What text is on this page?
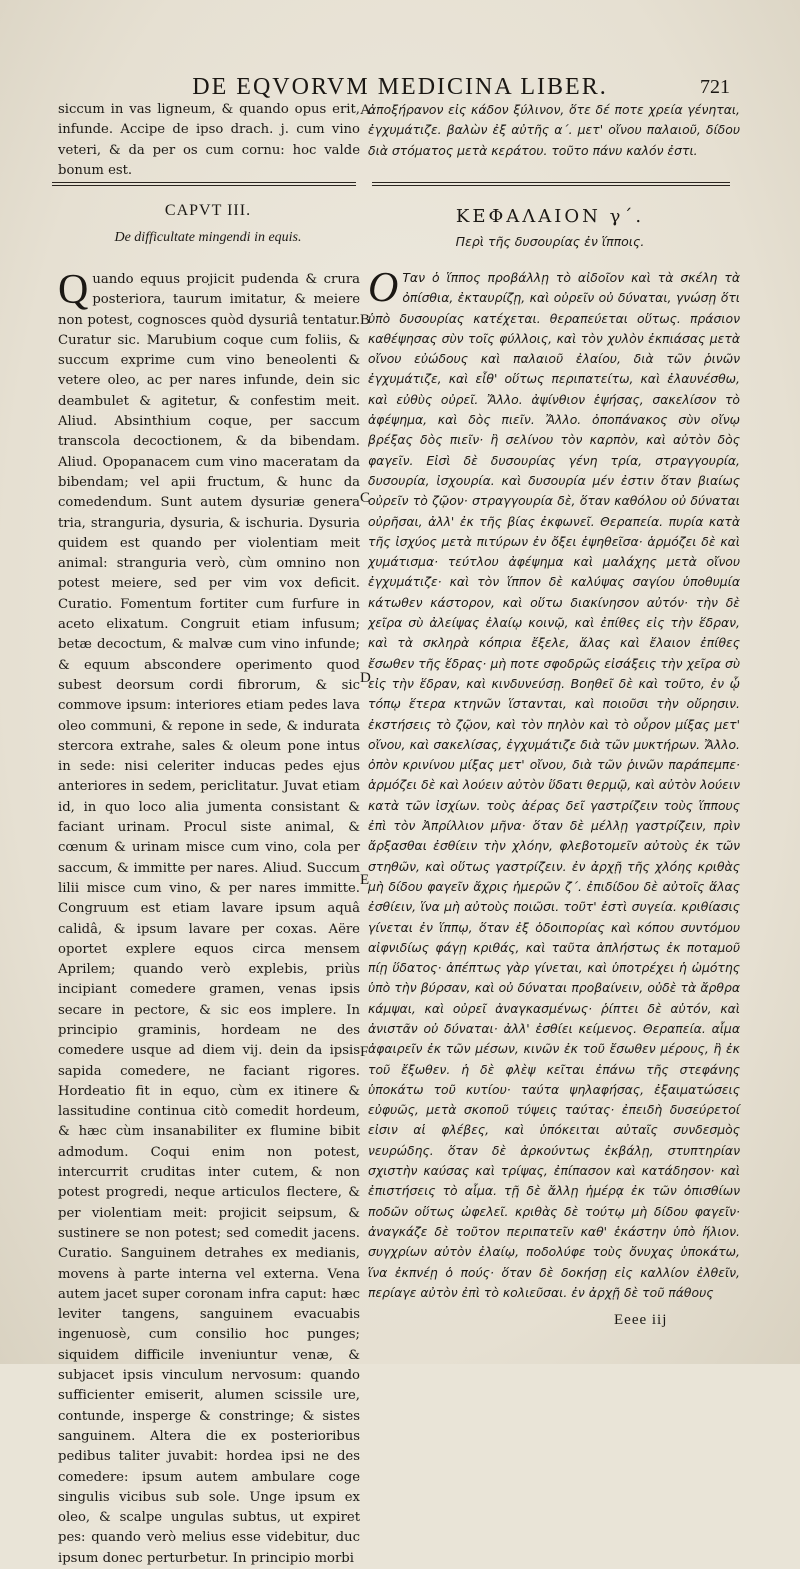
DE EQVORVM MEDICINA LIBER.	721
siccum in vas ligneum, & quando opus erit, infunde. Accipe de ipso drach. j. cum vino veteri, & da per os cum cornu: hoc valde bonum est.
ἀποξήρανον εἰς κάδον ξύλινον, ὅτε δέ ποτε χρεία γένηται, ἐγχυμάτιζε. βαλὼν ἐξ αὐτῆς α΄. μετ' οἴνου παλαιοῦ, δίδου διὰ στόματος μετὰ κεράτου. τοῦτο πάνυ καλόν ἐστι.
CAPVT III.	ΚΕΦΑΛΑΙΟΝ γ΄.
De difficultate mingendi in equis.	Περὶ τῆς δυσουρίας ἐν ἵπποις.
Quando equus projicit pudenda & crura posteriora, taurum imitatur, & meiere non potest, cognosces quòd dysuriâ tentatur. Curatur sic. Marubium coque cum foliis, & succum exprime cum vino beneolenti & vetere oleo, ac per nares infunde, dein sic deambulet & agitetur, & confestim meit. Aliud. Absinthium coque, per saccum transcola decoctionem, & da bibendam. Aliud. Opopanacem cum vino maceratam da bibendam; vel apii fructum, & hunc da comedendum. Sunt autem dysuriæ genera tria, stranguria, dysuria, & ischuria. Dysuria quidem est quando per violentiam meit animal: stranguria verò, cùm omnino non potest meiere, sed per vim vox deficit. Curatio. Fomentum fortiter cum furfure in aceto elixatum. Congruit etiam infusum; betæ decoctum, & malvæ cum vino infunde; & equum abscondere operimento quod subest deorsum cordi fibrorum, & sic commove ipsum: interiores etiam pedes lava oleo communi, & repone in sede, & indurata stercora extrahe, sales & oleum pone intus in sede: nisi celeriter inducas pedes ejus anteriores in sedem, periclitatur. Juvat etiam id, in quo loco alia jumenta consistant & faciant urinam. Procul siste animal, & cœnum & urinam misce cum vino, cola per saccum, & immitte per nares. Aliud. Succum lilii misce cum vino, & per nares immitte. Congruum est etiam lavare ipsum aquâ calidâ, & ipsum lavare per coxas. Aëre oportet explere equos circa mensem Aprilem; quando verò explebis, priùs incipiant comedere gramen, venas ipsis secare in pectore, & sic eos implere. In principio graminis, hordeam ne des comedere usque ad diem vij. dein da ipsis sapida comedere, ne faciant rigores. Hordeatio fit in equo, cùm ex itinere & lassitudine continua citò comedit hordeum, & hæc cùm insanabiliter ex flumine bibit admodum. Coqui enim non potest, intercurrit cruditas inter cutem, & non potest progredi, neque articulos flectere, & per violentiam meit: projicit seipsum, & sustinere se non potest; sed comedit jacens. Curatio. Sanguinem detrahes ex medianis, movens à parte interna vel externa. Vena autem jacet super coronam infra caput: hæc leviter tangens, sanguinem evacuabis ingenuosè, cum consilio hoc punges; siquidem difficile inveniuntur venæ, & subjacet ipsis vinculum nervosum: quando sufficienter emiserit, alumen scissile ure, contunde, insperge & constringe; & sistes sanguinem. Altera die ex posterioribus pedibus taliter juvabit: hordea ipsi ne des comedere: ipsum autem ambulare coge singulis vicibus sub sole. Unge ipsum ex oleo, & scalpe ungulas subtus, ut expiret pes: quando verò melius esse videbitur, duc ipsum donec perturbetur. In principio morbi
Ο Ταν ὁ ἵππος προβάλλῃ τὸ αἰδοῖον καὶ τὰ σκέλη τὰ ὀπίσθια, ἐκταυρίζῃ, καὶ οὐρεῖν οὐ δύναται, γνώσῃ ὅτι ὑπὸ δυσουρίας κατέχεται. θεραπεύεται οὕτως. πράσιον καθέψησας σὺν τοῖς φύλλοις, καὶ τὸν χυλὸν ἐκπιάσας μετὰ οἴνου εὐώδους καὶ παλαιοῦ ἐλαίου, διὰ τῶν ῥινῶν ἐγχυμάτιζε, καὶ εἶθ' οὕτως περιπατείτω, καὶ ἐλαυνέσθω, καὶ εὐθὺς οὐρεῖ. Ἄλλο. ἀψίνθιον ἑψήσας, σακελίσον τὸ ἀφέψημα, καὶ δὸς πιεῖν. Ἄλλο. ὀποπάνακος σὺν οἴνῳ βρέξας δὸς πιεῖν· ἢ σελίνου τὸν καρπὸν, καὶ αὐτὸν δὸς φαγεῖν. Εἰσὶ δὲ δυσουρίας γένη τρία, στραγγουρία, δυσουρία, ἰσχουρία. καὶ δυσουρία μέν ἐστιν ὅταν βιαίως οὐρεῖν τὸ ζῷον· στραγγουρία δὲ, ὅταν καθόλου οὐ δύναται οὐρῆσαι, ἀλλ' ἐκ τῆς βίας ἐκφωνεῖ. Θεραπεία. πυρία κατὰ τῆς ἰσχύος μετὰ πιτύρων ἐν ὄξει ἑψηθεῖσα· ἁρμόζει δὲ καὶ χυμάτισμα· τεύτλου ἀφέψημα καὶ μαλάχης μετὰ οἴνου ἐγχυμάτιζε· καὶ τὸν ἵππον δὲ καλύψας σαγίου ὑποθυμία κάτωθεν κάστορον, καὶ οὕτω διακίνησον αὐτόν· τὴν δὲ χεῖρα σὺ ἀλείψας ἐλαίῳ κοινῷ, καὶ ἐπίθες εἰς τὴν ἕδραν, καὶ τὰ σκληρὰ κόπρια ἔξελε, ἅλας καὶ ἔλαιον ἐπίθες ἔσωθεν τῆς ἕδρας· μὴ ποτε σφοδρῶς εἰσάξεις τὴν χεῖρα σὺ εἰς τὴν ἕδραν, καὶ κινδυνεύσῃ. Βοηθεῖ δὲ καὶ τοῦτο, ἐν ᾧ τόπῳ ἕτερα κτηνῶν ἵστανται, καὶ ποιοῦσι τὴν οὔρησιν. ἐκστήσεις τὸ ζῷον, καὶ τὸν πηλὸν καὶ τὸ οὖρον μίξας μετ' οἴνου, καὶ σακελίσας, ἐγχυμάτιζε διὰ τῶν μυκτήρων. Ἄλλο. ὀπὸν κρινίνου μίξας μετ' οἴνου, διὰ τῶν ῥινῶν παράπεμπε· ἁρμόζει δὲ καὶ λούειν αὐτὸν ὕδατι θερμῷ, καὶ αὐτὸν λούειν κατὰ τῶν ἰσχίων. τοὺς ἀέρας δεῖ γαστρίζειν τοὺς ἵππους ἐπὶ τὸν Ἀπρίλλιον μῆνα· ὅταν δὲ μέλλῃ γαστρίζειν, πρὶν ἄρξασθαι ἐσθίειν τὴν χλόην, φλεβοτομεῖν αὐτοὺς ἐκ τῶν στηθῶν, καὶ οὕτως γαστρίζειν. ἐν ἀρχῇ τῆς χλόης κριθὰς μὴ δίδου φαγεῖν ἄχρις ἡμερῶν ζ΄. ἐπιδίδου δὲ αὐτοῖς ἅλας ἐσθίειν, ἵνα μὴ αὐτοὺς ποιῶσι. τοῦτ' ἐστὶ συγεία. κριθίασις γίνεται ἐν ἵππῳ, ὅταν ἐξ ὁδοιπορίας καὶ κόπου συντόμου αἰφνιδίως φάγῃ κριθάς, καὶ ταῦτα ἀπλήστως ἐκ ποταμοῦ πίῃ ὕδατος· ἀπέπτως γὰρ γίνεται, καὶ ὑποτρέχει ἡ ὠμότης ὑπὸ τὴν βύρσαν, καὶ οὐ δύναται προβαίνειν, οὐδὲ τὰ ἄρθρα κάμψαι, καὶ οὐρεῖ ἀναγκασμένως· ῥίπτει δὲ αὑτόν, καὶ ἀνιστᾶν οὐ δύναται· ἀλλ' ἐσθίει κείμενος. Θεραπεία. αἷμα ἀφαιρεῖν ἐκ τῶν μέσων, κινῶν ἐκ τοῦ ἔσωθεν μέρους, ἢ ἐκ τοῦ ἔξωθεν. ἡ δὲ φλὲψ κεῖται ἐπάνω τῆς στεφάνης ὑποκάτω τοῦ κυτίου· ταύτα ψηλαφήσας, ἐξαιματώσεις εὐφυῶς, μετὰ σκοποῦ τύψεις ταύτας· ἐπειδὴ δυσεύρετοί εἰσιν αἱ φλέβες, καὶ ὑπόκειται αὐταῖς συνδεσμὸς νευρώδης. ὅταν δὲ ἀρκούντως ἐκβάλῃ, στυπτηρίαν σχιστὴν καύσας καὶ τρίψας, ἐπίπασον καὶ κατάδησον· καὶ ἐπιστήσεις τὸ αἷμα. τῇ δὲ ἄλλῃ ἡμέρᾳ ἐκ τῶν ὀπισθίων ποδῶν οὕτως ὠφελεῖ. κριθὰς δὲ τούτῳ μὴ δίδου φαγεῖν· ἀναγκάζε δὲ τοῦτον περιπατεῖν καθ' ἑκάστην ὑπὸ ἥλιον. συγχρίων αὐτὸν ἐλαίῳ, ποδολύφε τοὺς ὄνυχας ὑποκάτω, ἵνα ἐκπνέῃ ὁ πούς· ὅταν δὲ δοκήσῃ εἰς καλλίον ἐλθεῖν, περίαγε αὐτὸν ἐπὶ τὸ κολιεῦσαι. ἐν ἀρχῇ δὲ τοῦ πάθους
A
B
C
D
E
F
Eeee iij
